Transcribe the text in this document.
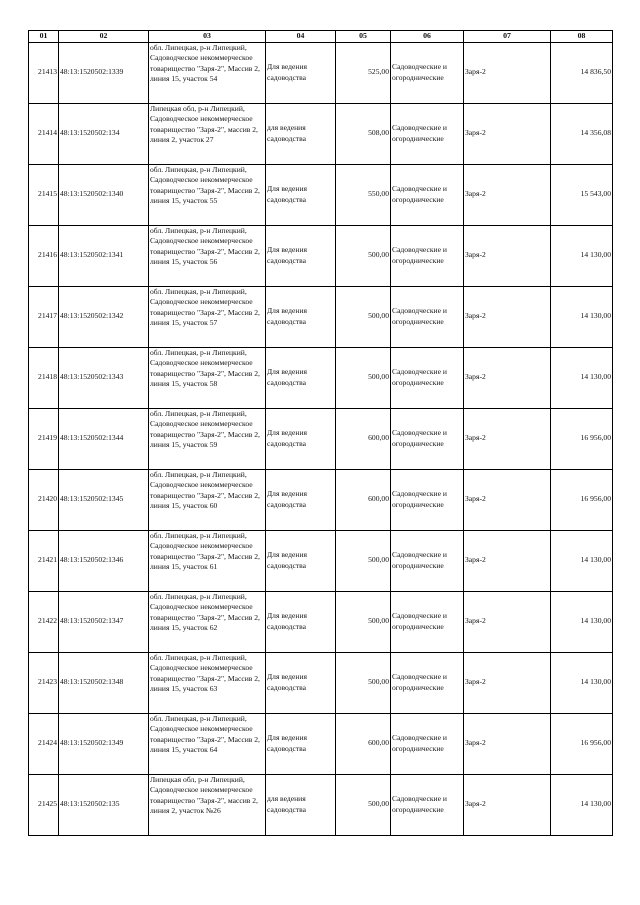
01	02	03	04	05	06	07	08
21413	48:13:1520502:1339	обл. Липецкая, р-н Липецкий, Садоводческое некоммерческое товарищество "Заря-2", Массив 2, линия 15, участок 54	Для ведения садоводства	525,00	Садоводческие и огороднические	Заря-2	14 836,50
21414	48:13:1520502:134	Липецкая обл, р-н Липецкий, Садоводческое некоммерческое товарищество "Заря-2", массив 2, линия 2, участок 27	для ведения садоводства	508,00	Садоводческие и огороднические	Заря-2	14 356,08
21415	48:13:1520502:1340	обл. Липецкая, р-н Липецкий, Садоводческое некоммерческое товарищество "Заря-2", Массив 2, линия 15, участок 55	Для ведения садоводства	550,00	Садоводческие и огороднические	Заря-2	15 543,00
21416	48:13:1520502:1341	обл. Липецкая, р-н Липецкий, Садоводческое некоммерческое товарищество "Заря-2", Массив 2, линия 15, участок 56	Для ведения садоводства	500,00	Садоводческие и огороднические	Заря-2	14 130,00
21417	48:13:1520502:1342	обл. Липецкая, р-н Липецкий, Садоводческое некоммерческое товарищество "Заря-2", Массив 2, линия 15, участок 57	Для ведения садоводства	500,00	Садоводческие и огороднические	Заря-2	14 130,00
21418	48:13:1520502:1343	обл. Липецкая, р-н Липецкий, Садоводческое некоммерческое товарищество "Заря-2", Массив 2, линия 15, участок 58	Для ведения садоводства	500,00	Садоводческие и огороднические	Заря-2	14 130,00
21419	48:13:1520502:1344	обл. Липецкая, р-н Липецкий, Садоводческое некоммерческое товарищество "Заря-2", Массив 2, линия 15, участок 59	Для ведения садоводства	600,00	Садоводческие и огороднические	Заря-2	16 956,00
21420	48:13:1520502:1345	обл. Липецкая, р-н Липецкий, Садоводческое некоммерческое товарищество "Заря-2", Массив 2, линия 15, участок 60	Для ведения садоводства	600,00	Садоводческие и огороднические	Заря-2	16 956,00
21421	48:13:1520502:1346	обл. Липецкая, р-н Липецкий, Садоводческое некоммерческое товарищество "Заря-2", Массив 2, линия 15, участок 61	Для ведения садоводства	500,00	Садоводческие и огороднические	Заря-2	14 130,00
21422	48:13:1520502:1347	обл. Липецкая, р-н Липецкий, Садоводческое некоммерческое товарищество "Заря-2", Массив 2, линия 15, участок 62	Для ведения садоводства	500,00	Садоводческие и огороднические	Заря-2	14 130,00
21423	48:13:1520502:1348	обл. Липецкая, р-н Липецкий, Садоводческое некоммерческое товарищество "Заря-2", Массив 2, линия 15, участок 63	Для ведения садоводства	500,00	Садоводческие и огороднические	Заря-2	14 130,00
21424	48:13:1520502:1349	обл. Липецкая, р-н Липецкий, Садоводческое некоммерческое товарищество "Заря-2", Массив 2, линия 15, участок 64	Для ведения садоводства	600,00	Садоводческие и огороднические	Заря-2	16 956,00
21425	48:13:1520502:135	Липецкая обл, р-н Липецкий, Садоводческое некоммерческое товарищество "Заря-2", массив 2, линия 2, участок №26	для ведения садоводства	500,00	Садоводческие и огороднические	Заря-2	14 130,00
